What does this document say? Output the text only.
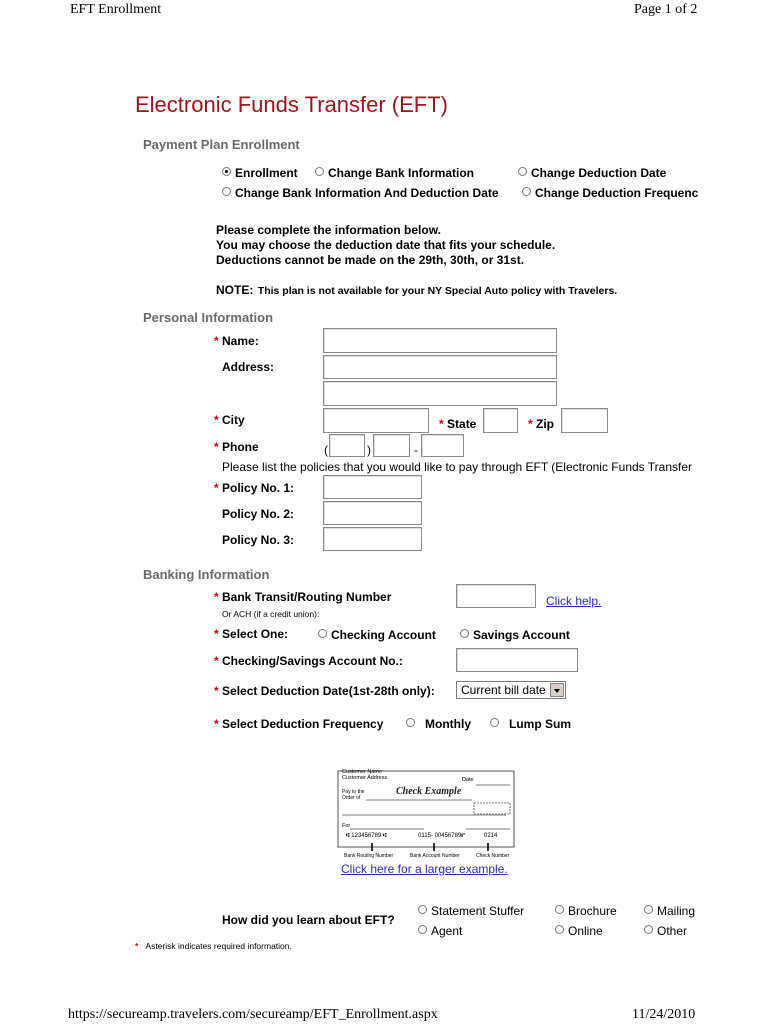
EFT Enrollment	Page 1 of 2
Electronic Funds Transfer (EFT)
Payment Plan Enrollment
Enrollment	Change Bank Information	Change Deduction Date
Change Bank Information And Deduction Date	Change Deduction Frequenc
Please complete the information below.
You may choose the deduction date that fits your schedule.
Deductions cannot be made on the 29th, 30th, or 31st.
NOTE: This plan is not available for your NY Special Auto policy with Travelers.
Personal Information
* Name:
Address:
* City	* State	* Zip
* Phone	(	)	-
Please list the policies that you would like to pay through EFT (Electronic Funds Transfer
* Policy No. 1:
Policy No. 2:
Policy No. 3:
Banking Information
* Bank Transit/Routing Number
Or ACH (if a credit union):
Click help.
* Select One:	Checking Account	Savings Account
* Checking/Savings Account No.:
* Select Deduction Date(1st-28th only): Current bill date
* Select Deduction Frequency	Monthly	Lump Sum
Customer Name
Customer Address	Date
Pay to the
Order of
Check Example
For
⑆ 123456789 ⑆	0115- 00456789⑈	0214
Bank Routing Number	Bank Account Number	Check Number
Click here for a larger example.
How did you learn about EFT?
Statement Stuffer	Brochure	Mailing
Agent	Online	Other
* Asterisk indicates required information.
https://secureamp.travelers.com/secureamp/EFT_Enrollment.aspx	11/24/2010
